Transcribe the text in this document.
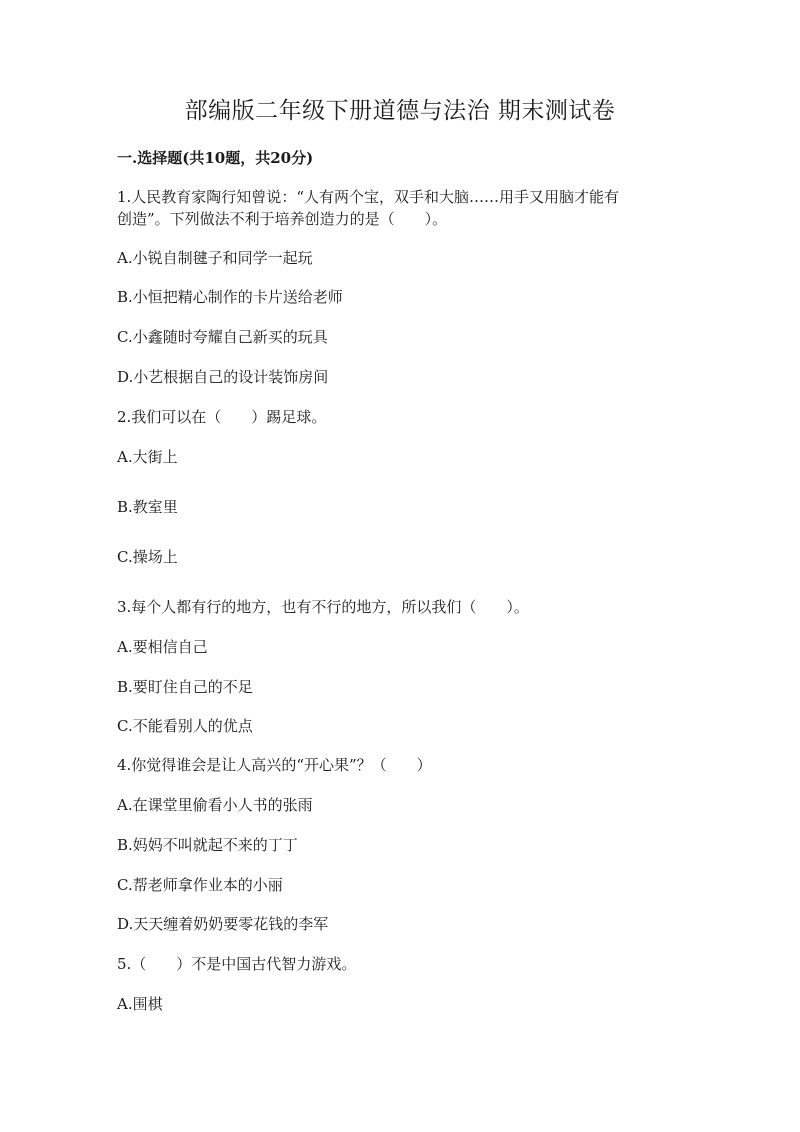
部编版二年级下册道德与法治 期末测试卷
一.选择题(共10题，共20分)
1.人民教育家陶行知曾说：“人有两个宝，双手和大脑……用手又用脑才能有
创造”。下列做法不利于培养创造力的是（　　）。
A.小锐自制毽子和同学一起玩
B.小恒把精心制作的卡片送给老师
C.小鑫随时夸耀自己新买的玩具
D.小艺根据自己的设计装饰房间
2.我们可以在（　　）踢足球。
A.大街上
B.教室里
C.操场上
3.每个人都有行的地方，也有不行的地方，所以我们（　　）。
A.要相信自己
B.要盯住自己的不足
C.不能看别人的优点
4.你觉得谁会是让人高兴的“开心果”？（　　）
A.在课堂里偷看小人书的张雨
B.妈妈不叫就起不来的丁丁
C.帮老师拿作业本的小丽
D.天天缠着奶奶要零花钱的李军
5.（　　）不是中国古代智力游戏。
A.围棋
